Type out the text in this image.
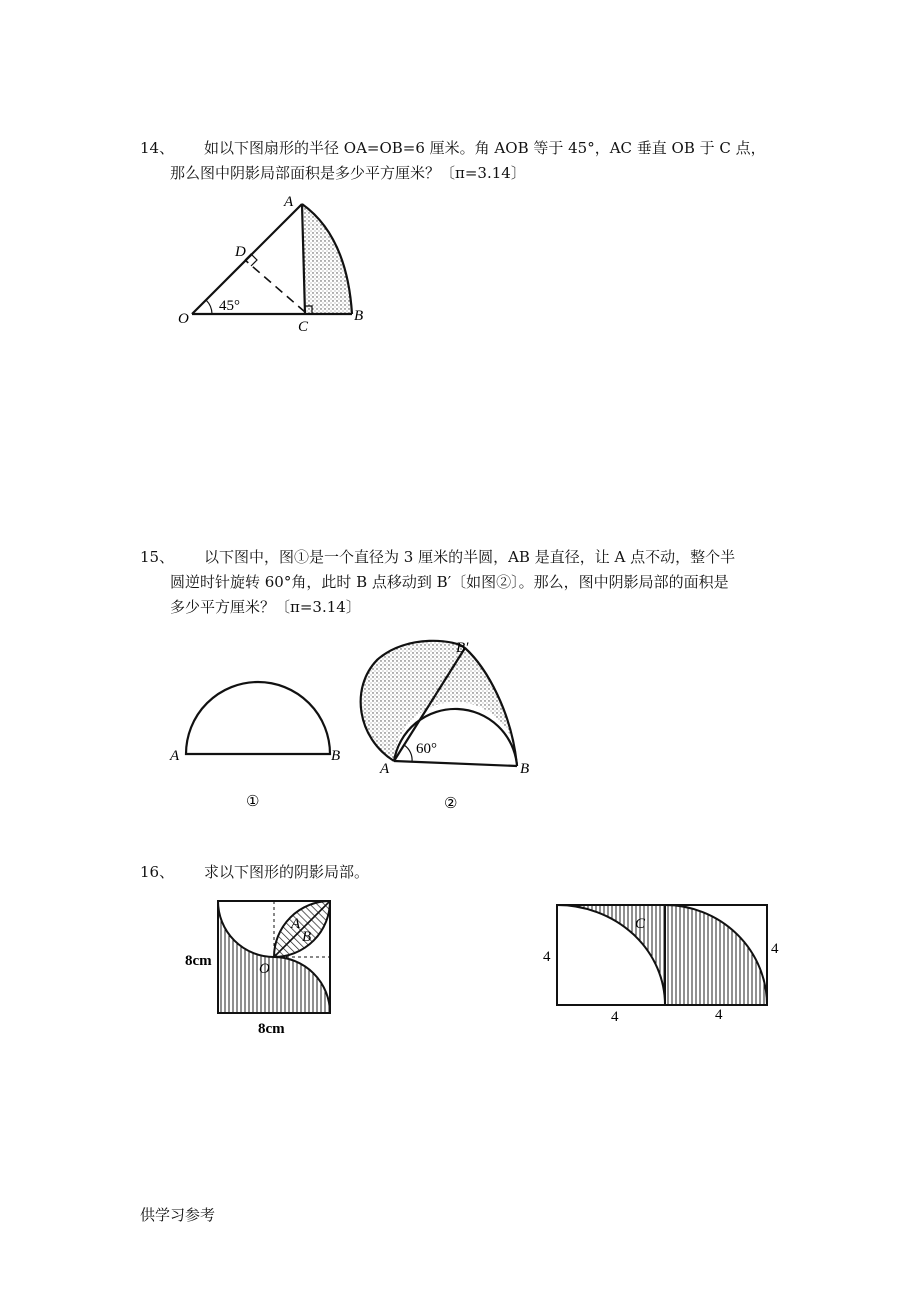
14、 如以下图扇形的半径 OA=OB=6 厘米。角 AOB 等于 45°，AC 垂直 OB 于 C 点，
那么图中阴影局部面积是多少平方厘米？〔π=3.14〕
45°
A
D
O	C
B
15、 以下图中，图①是一个直径为 3 厘米的半圆，AB 是直径，让 A 点不动，整个半
圆逆时针旋转 60°角，此时 B 点移动到 B′〔如图②〕。那么，图中阴影局部的面积是
多少平方厘米？〔π=3.14〕
A	B
①
60°
A	B
B′
②
16、 求以下图形的阴影局部。
A
B
O
8cm
8cm
C
4	4
4	4
供学习参考
